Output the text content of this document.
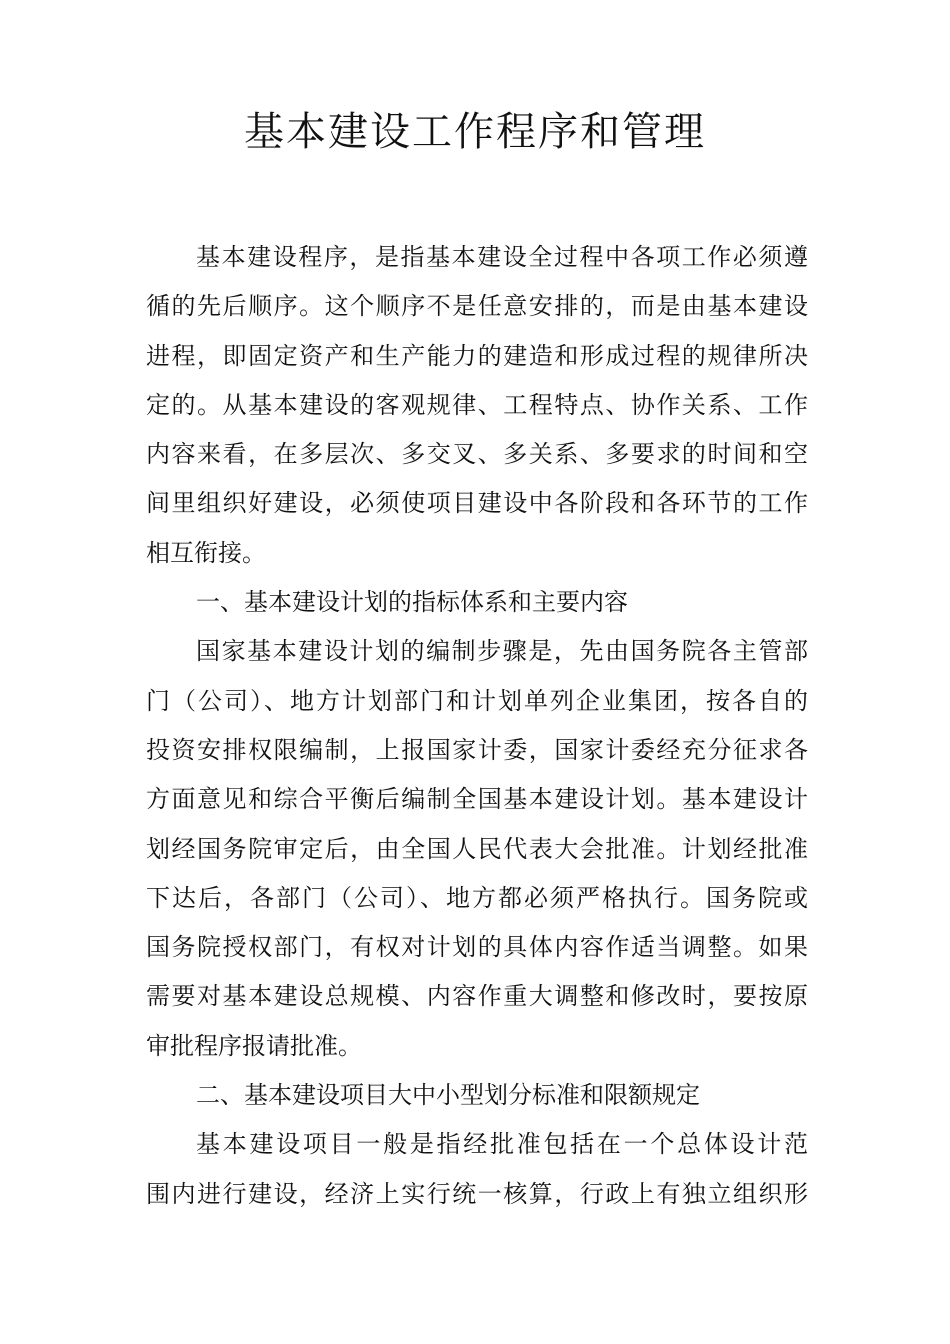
基本建设工作程序和管理
基本建设程序，是指基本建设全过程中各项工作必须遵
循的先后顺序。这个顺序不是任意安排的，而是由基本建设
进程，即固定资产和生产能力的建造和形成过程的规律所决
定的。从基本建设的客观规律、工程特点、协作关系、工作
内容来看，在多层次、多交叉、多关系、多要求的时间和空
间里组织好建设，必须使项目建设中各阶段和各环节的工作
相互衔接。
一、基本建设计划的指标体系和主要内容
国家基本建设计划的编制步骤是，先由国务院各主管部
门（公司）、地方计划部门和计划单列企业集团，按各自的
投资安排权限编制，上报国家计委，国家计委经充分征求各
方面意见和综合平衡后编制全国基本建设计划。基本建设计
划经国务院审定后，由全国人民代表大会批准。计划经批准
下达后，各部门（公司）、地方都必须严格执行。国务院或
国务院授权部门，有权对计划的具体内容作适当调整。如果
需要对基本建设总规模、内容作重大调整和修改时，要按原
审批程序报请批准。
二、基本建设项目大中小型划分标准和限额规定
基本建设项目一般是指经批准包括在一个总体设计范
围内进行建设，经济上实行统一核算，行政上有独立组织形
